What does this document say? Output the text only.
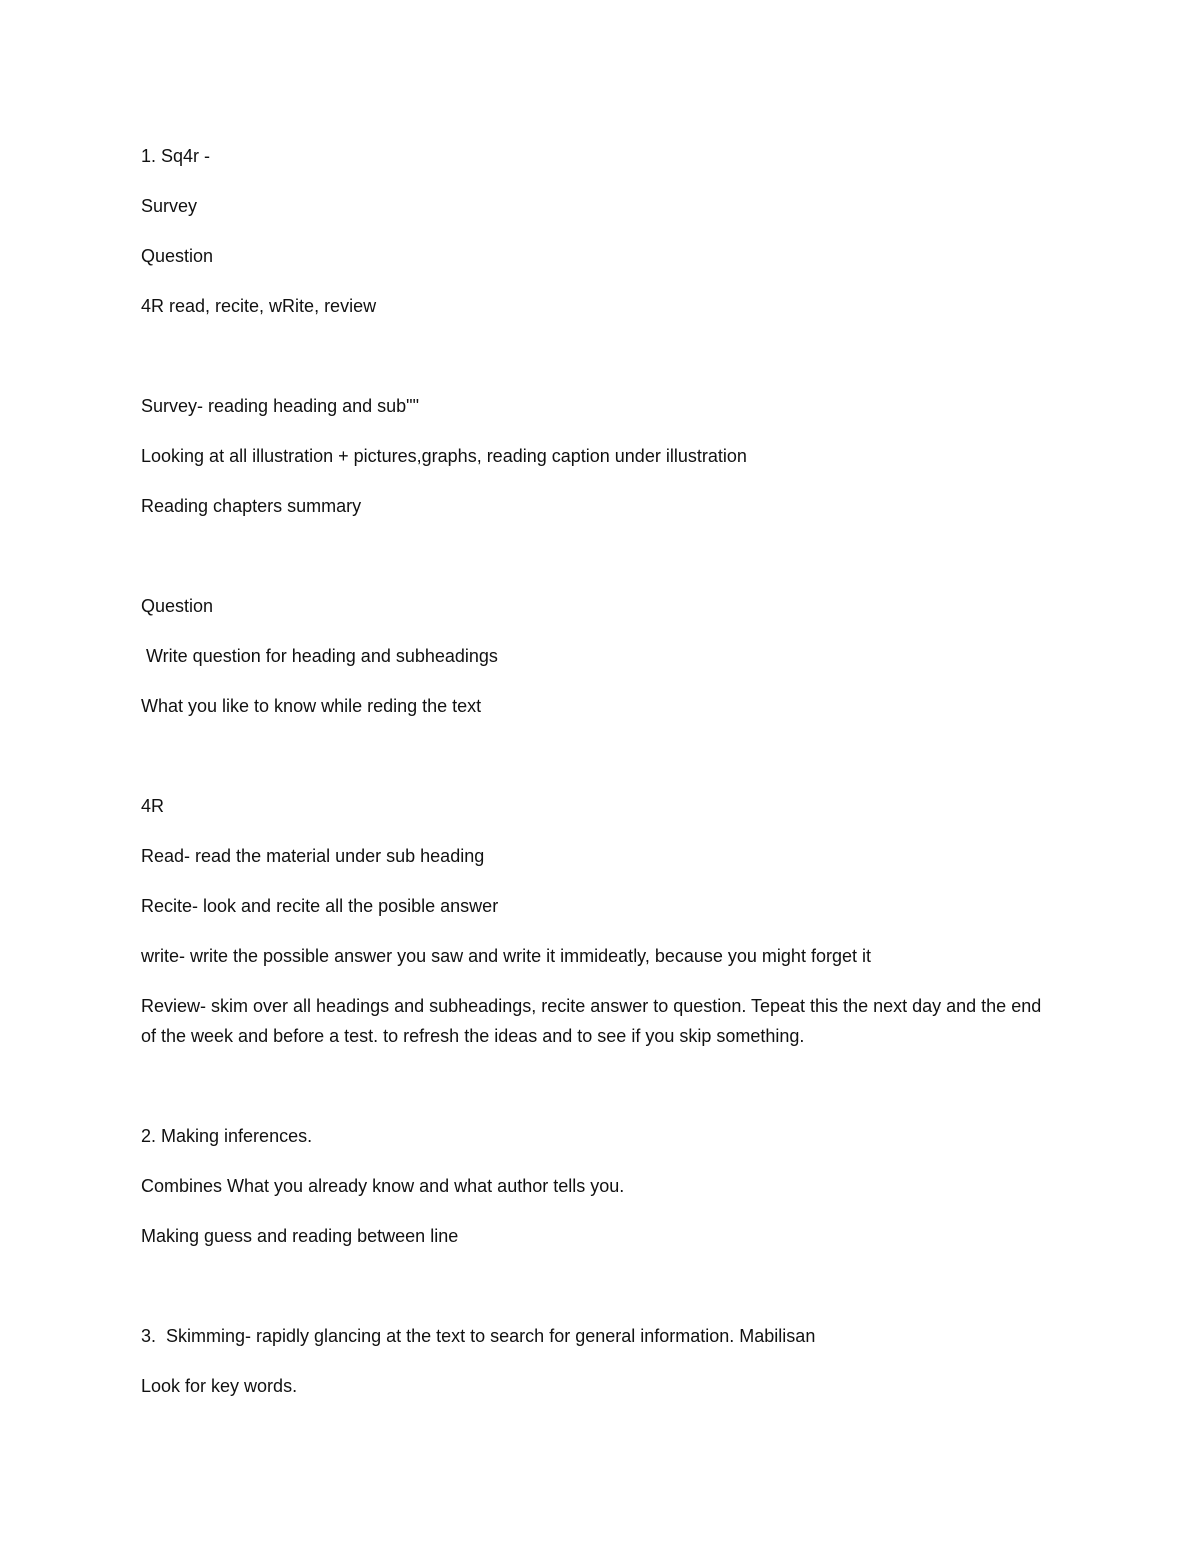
1. Sq4r -

Survey

Question

4R read, recite, wRite, review

Survey- reading heading and sub""

Looking at all illustration + pictures,graphs, reading caption under illustration

Reading chapters summary

Question

Write question for heading and subheadings

What you like to know while reding the text

4R

Read- read the material under sub heading

Recite- look and recite all the posible answer

write- write the possible answer you saw and write it immideatly, because you might forget it

Review- skim over all headings and subheadings, recite answer to question. Tepeat this the next day and the end of the week and before a test. to refresh the ideas and to see if you skip something.

2. Making inferences.

Combines What you already know and what author tells you.

Making guess and reading between line

3.  Skimming- rapidly glancing at the text to search for general information. Mabilisan

Look for key words.
